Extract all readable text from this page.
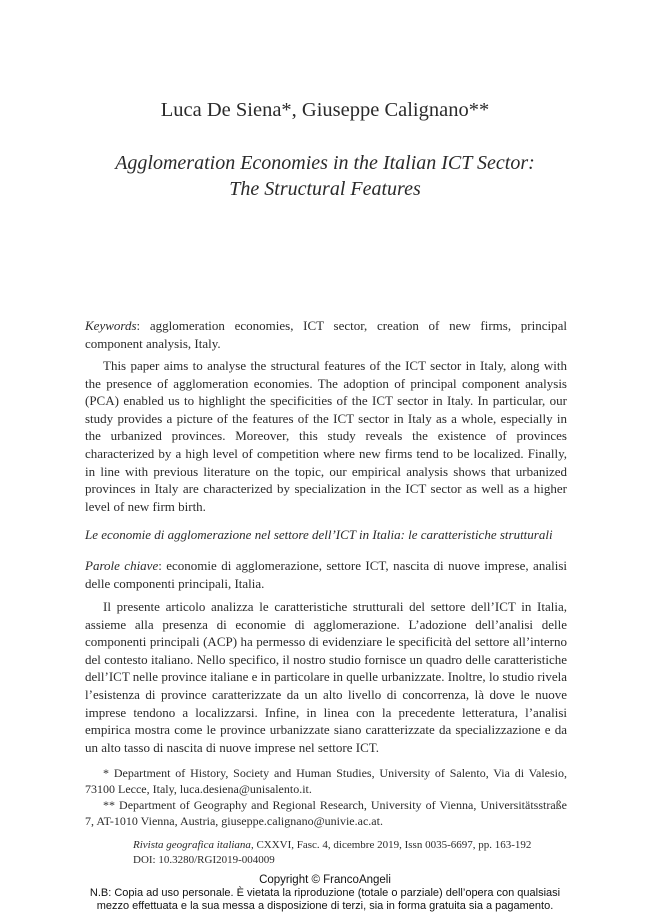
Luca De Siena*, Giuseppe Calignano**
Agglomeration Economies in the Italian ICT Sector:
The Structural Features

Keywords: agglomeration economies, ICT sector, creation of new firms, principal component analysis, Italy.

This paper aims to analyse the structural features of the ICT sector in Italy, along with the presence of agglomeration economies. The adoption of principal component analysis (PCA) enabled us to highlight the specificities of the ICT sector in Italy. In particular, our study provides a picture of the features of the ICT sector in Italy as a whole, especially in the urbanized provinces. Moreover, this study reveals the existence of provinces characterized by a high level of competition where new firms tend to be localized. Finally, in line with previous literature on the topic, our empirical analysis shows that urbanized provinces in Italy are characterized by specialization in the ICT sector as well as a higher level of new firm birth.

Le economie di agglomerazione nel settore dell’ICT in Italia: le caratteristiche strutturali

Parole chiave: economie di agglomerazione, settore ICT, nascita di nuove imprese, analisi delle componenti principali, Italia.

Il presente articolo analizza le caratteristiche strutturali del settore dell’ICT in Italia, assieme alla presenza di economie di agglomerazione. L’adozione dell’analisi delle componenti principali (ACP) ha permesso di evidenziare le specificità del settore all’interno del contesto italiano. Nello specifico, il nostro studio fornisce un quadro delle caratteristiche dell’ICT nelle province italiane e in particolare in quelle urbanizzate. Inoltre, lo studio rivela l’esistenza di province caratterizzate da un alto livello di concorrenza, là dove le nuove imprese tendono a localizzarsi. Infine, in linea con la precedente letteratura, l’analisi empirica mostra come le province urbanizzate siano caratterizzate da specializzazione e da un alto tasso di nascita di nuove imprese nel settore ICT.

* Department of History, Society and Human Studies, University of Salento, Via di Valesio, 73100 Lecce, Italy, luca.desiena@unisalento.it.

** Department of Geography and Regional Research, University of Vienna, Universitätsstraße 7, AT-1010 Vienna, Austria, giuseppe.calignano@univie.ac.at.

Rivista geografica italiana, CXXVI, Fasc. 4, dicembre 2019, Issn 0035-6697, pp. 163-192
DOI: 10.3280/RGI2019-004009
Copyright © FrancoAngeli
N.B: Copia ad uso personale. È vietata la riproduzione (totale o parziale) dell’opera con qualsiasi
mezzo effettuata e la sua messa a disposizione di terzi, sia in forma gratuita sia a pagamento.
